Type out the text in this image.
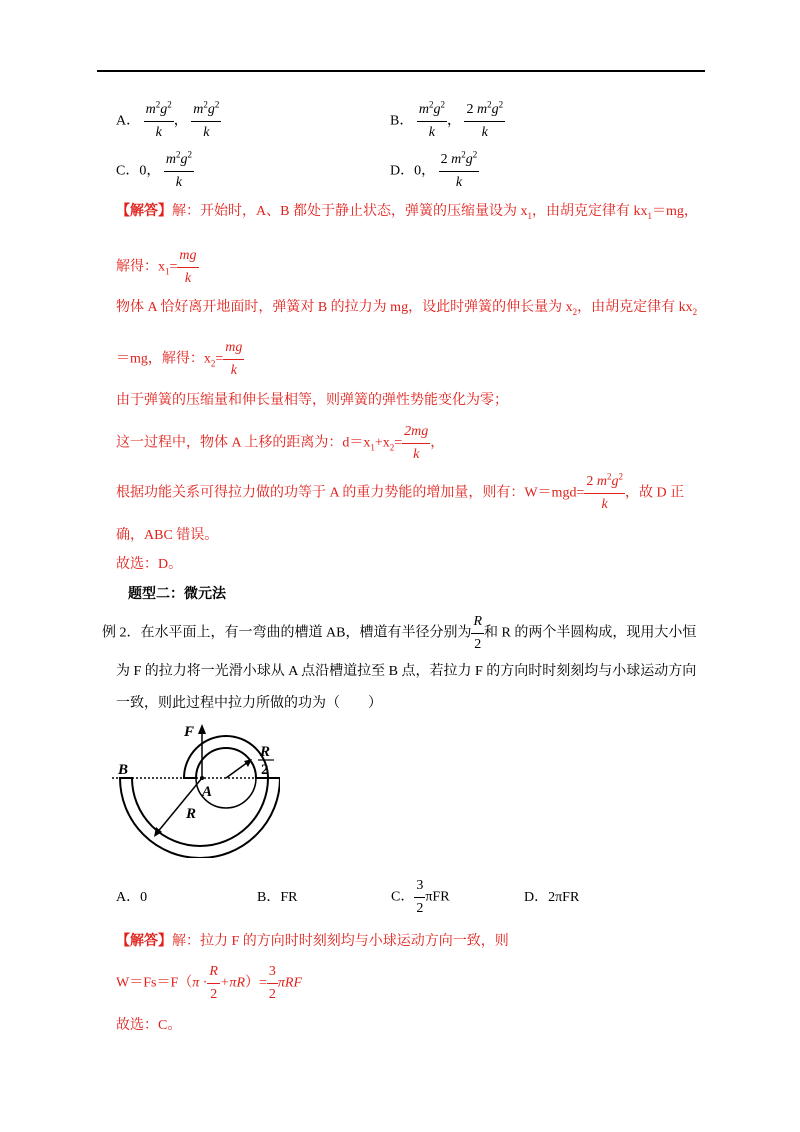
A． $\frac{m^2g^2}{k}$ ， $\frac{m^2g^2}{k}$	B． $\frac{m^2g^2}{k}$ ， $\frac{2 m^2g^2}{k}$
C．0， $\frac{m^2g^2}{k}$	D．0， $\frac{2 m^2g^2}{k}$
【解答】解：开始时，A、B 都处于静止状态，弹簧的压缩量设为 $x_1$，由胡克定律有 $kx_1=mg$，
解得：$x_1= \frac{mg}{k}$
物体 A 恰好离开地面时，弹簧对 B 的拉力为 mg，设此时弹簧的伸长量为 $x_2$，由胡克定律有 $kx_2$
＝mg，解得：$x_2= \frac{mg}{k}$
由于弹簧的压缩量和伸长量相等，则弹簧的弹性势能变化为零；
这一过程中，物体 A 上移的距离为：$d=x_1+x_2= \frac{2mg}{k}$ ，
根据功能关系可得拉力做的功等于 A 的重力势能的增加量，则有：$W=mgd= \frac{2 m^2g^2}{k}$ ，故 D 正
确，ABC 错误。
故选：D。
题型二：微元法
例 2．在水平面上，有一弯曲的槽道 AB，槽道有半径分别为 $\frac{R}{2}$ 和 R 的两个半圆构成，现用大小恒
为 F 的拉力将一光滑小球从 A 点沿槽道拉至 B 点，若拉力 F 的方向时时刻刻均与小球运动方向
一致，则此过程中拉力所做的功为（　　）
F
B
A
R
R
2
A．0	B．FR	C． $\frac{3}{2}$ πFR	D．2πFR
【解答】解：拉力 F 的方向时时刻刻均与小球运动方向一致，则
$W=Fs=F(\pi \cdot \frac{R}{2} +\pi R)= \frac{3}{2}$ πRF
故选：C。
